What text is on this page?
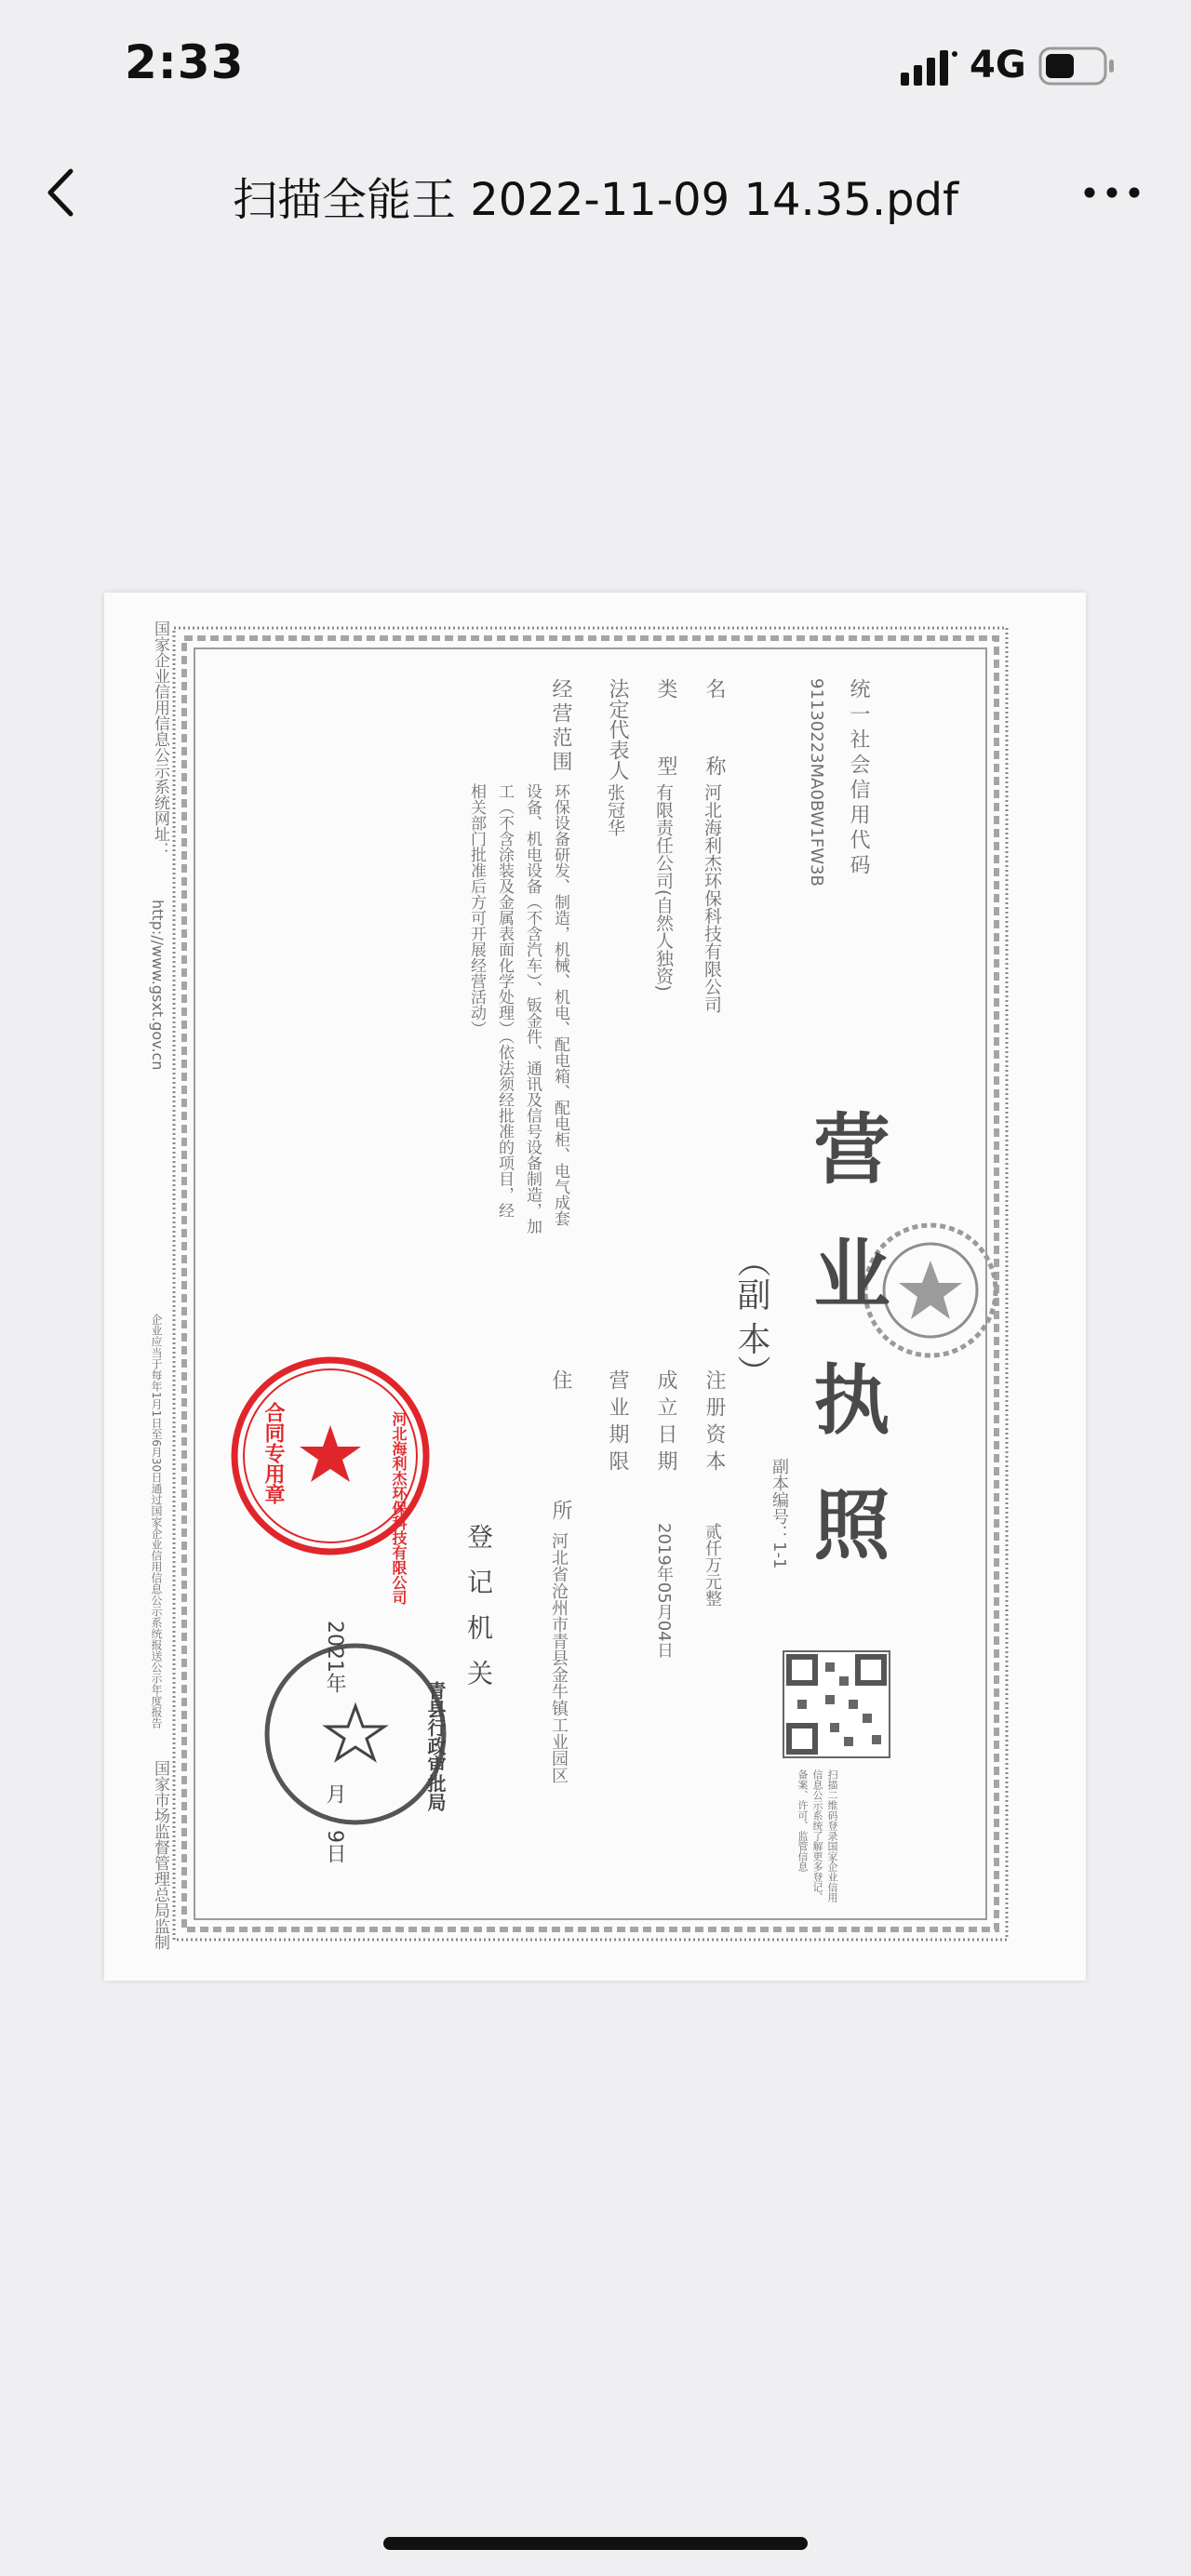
2:33	4G
扫描全能王 2022-11-09 14.35.pdf
营 业 执 照
（副 本）
副本编号：1-1
统一社会信用代码
91130223MA0BW1FW3B
名
称
河北海利杰环保科技有限公司
类
型
有限责任公司(自然人独资)
法定代表人
张冠华
经营范围
环保设备研发、制造，机械、机电、配电箱、配电柜、电气成套
设备、机电设备（不含汽车）、钣金件、通讯及信号设备制造，加
工（不含涂装及金属表面化学处理）（依法须经批准的项目，经
相关部门批准后方可开展经营活动）
注 册 资 本
贰仟万元整
成 立 日 期
2019年05月04日
营 业 期 限
住
所
河北省沧州市青县金牛镇工业园区
登 记 机 关
2021年
月
9日	扫描二维码登录国家企业信用信息公示系统了解更多登记、备案、许可、监管信息
河北海利杰环保科技有限公司
合同专用章
青县行政审批局
国家企业信用信息公示系统网址：
http://www.gsxt.gov.cn
企业应当于每年1月1日至6月30日通过国家企业信用信息公示系统报送公示年度报告
国家市场监督管理总局监制
